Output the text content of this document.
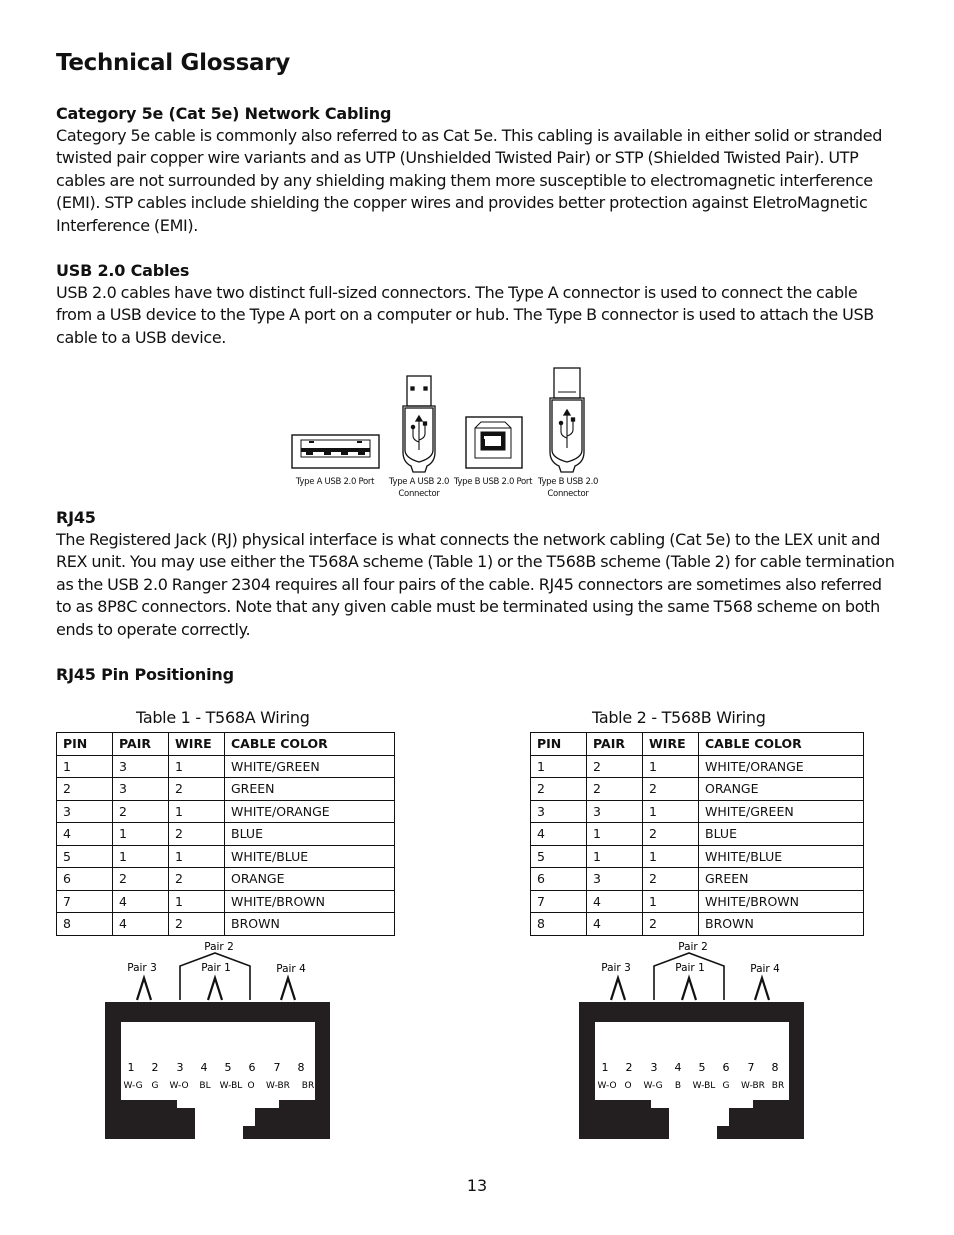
Technical Glossary
Category 5e (Cat 5e) Network Cabling
Category 5e cable is commonly also referred to as Cat 5e. This cabling is available in either solid or stranded
twisted pair copper wire variants and as UTP (Unshielded Twisted Pair) or STP (Shielded Twisted Pair). UTP
cables are not surrounded by any shielding making them more susceptible to electromagnetic interference
(EMI). STP cables include shielding the copper wires and provides better protection against EletroMagnetic
Interference (EMI).
USB 2.0 Cables
USB 2.0 cables have two distinct full-sized connectors. The Type A connector is used to connect the cable
from a USB device to the Type A port on a computer or hub. The Type B connector is used to attach the USB
cable to a USB device.
Type A USB 2.0 Port	Type A USB 2.0
Connector
Type B USB 2.0 Port Type B USB 2.0
Connector
RJ45
The Registered Jack (RJ) physical interface is what connects the network cabling (Cat 5e) to the LEX unit and
REX unit. You may use either the T568A scheme (Table 1) or the T568B scheme (Table 2) for cable termination
as the USB 2.0 Ranger 2304 requires all four pairs of the cable. RJ45 connectors are sometimes also referred
to as 8P8C connectors. Note that any given cable must be terminated using the same T568 scheme on both
ends to operate correctly.
RJ45 Pin Positioning
Table 1 - T568A Wiring
PIN	PAIR	WIRE	CABLE COLOR
1	3	1	WHITE/GREEN
2	3	2	GREEN
3	2	1	WHITE/ORANGE
4	1	2	BLUE
5	1	1	WHITE/BLUE
6	2	2	ORANGE
7	4	1	WHITE/BROWN
8	4	2	BROWN
Table 2 - T568B Wiring
PIN	PAIR	WIRE	CABLE COLOR
1	2	1	WHITE/ORANGE
2	2	2	ORANGE
3	3	1	WHITE/GREEN
4	1	2	BLUE
5	1	1	WHITE/BLUE
6	3	2	GREEN
7	4	1	WHITE/BROWN
8	4	2	BROWN
Pair 2
Pair 3	Pair 1	Pair 4
1 2 3 4 5 6 7 8
W-G G W-O BL W-BL O W-BR BR
Pair 2
Pair 3	Pair 1	Pair 4
1 2 3 4 5 6 7 8
W-O O W-G B W-BL G W-BR BR
13
